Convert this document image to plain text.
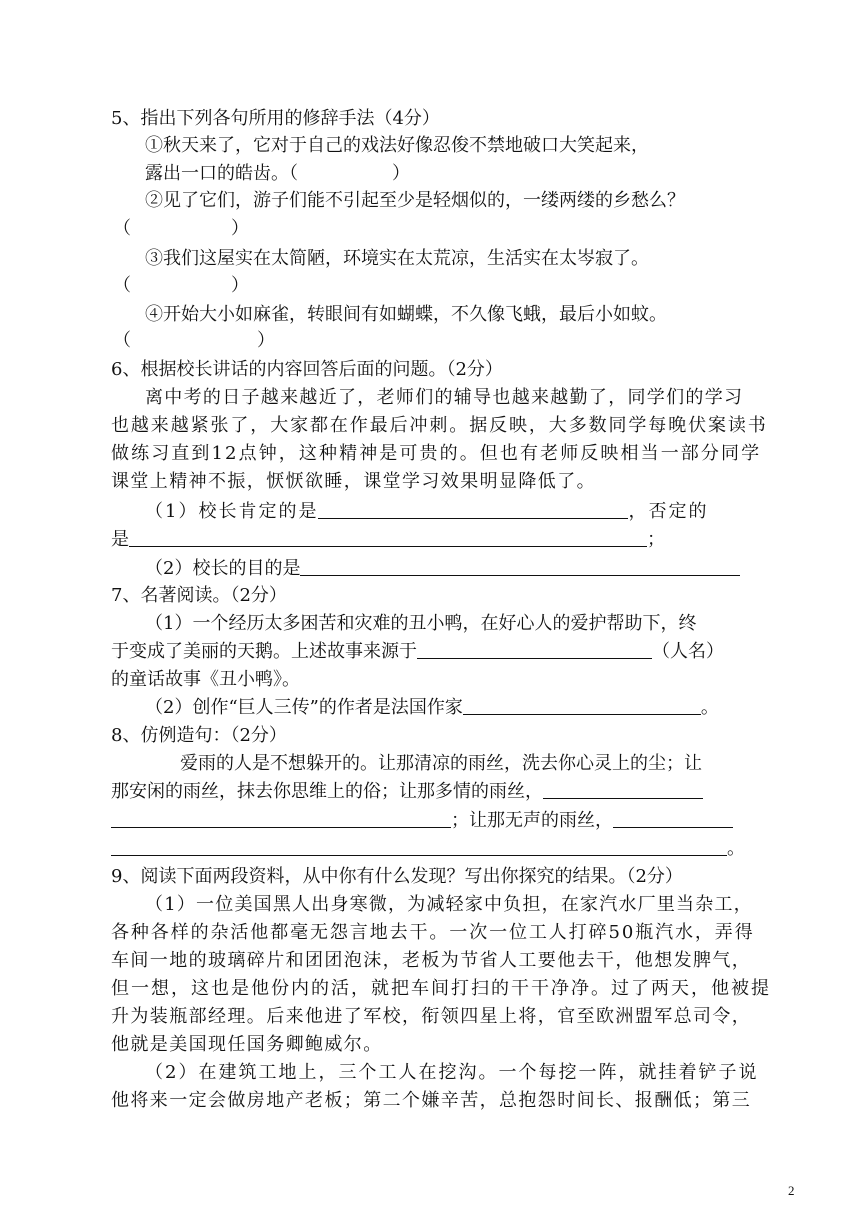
5、指出下列各句所用的修辞手法（4分）
①秋天来了，它对于自己的戏法好像忍俊不禁地破口大笑起来，
露出一口的皓齿。（	）
②见了它们，游子们能不引起至少是轻烟似的，一缕两缕的乡愁么？
（	）
③我们这屋实在太简陋，环境实在太荒凉，生活实在太岑寂了。
（	）
④开始大小如麻雀，转眼间有如蝴蝶，不久像飞蛾，最后小如蚊。
（	）
6、根据校长讲话的内容回答后面的问题。（2分）
离中考的日子越来越近了，老师们的辅导也越来越勤了，同学们的学习
也越来越紧张了，大家都在作最后冲刺。据反映，大多数同学每晚伏案读书
做练习直到12点钟，这种精神是可贵的。但也有老师反映相当一部分同学
课堂上精神不振，恹恹欲睡，课堂学习效果明显降低了。
（1）校长肯定的是	，否定的
是	；
（2）校长的目的是
7、名著阅读。（2分）
（1）一个经历太多困苦和灾难的丑小鸭，在好心人的爱护帮助下，终
于变成了美丽的天鹅。上述故事来源于	（人名）
的童话故事《丑小鸭》。
（2）创作“巨人三传”的作者是法国作家	。
8、仿例造句：（2分）
爱雨的人是不想躲开的。让那清凉的雨丝，洗去你心灵上的尘；让
那安闲的雨丝，抹去你思维上的俗；让那多情的雨丝，
；让那无声的雨丝，
。
9、阅读下面两段资料，从中你有什么发现？写出你探究的结果。（2分）
（1）一位美国黑人出身寒微，为减轻家中负担，在家汽水厂里当杂工，
各种各样的杂活他都毫无怨言地去干。一次一位工人打碎50瓶汽水，弄得
车间一地的玻璃碎片和团团泡沫，老板为节省人工要他去干，他想发脾气，
但一想，这也是他份内的活，就把车间打扫的干干净净。过了两天，他被提
升为装瓶部经理。后来他进了军校，衔领四星上将，官至欧洲盟军总司令，
他就是美国现任国务卿鲍威尔。
（2）在建筑工地上，三个工人在挖沟。一个每挖一阵，就挂着铲子说
他将来一定会做房地产老板；第二个嫌辛苦，总抱怨时间长、报酬低；第三
2
